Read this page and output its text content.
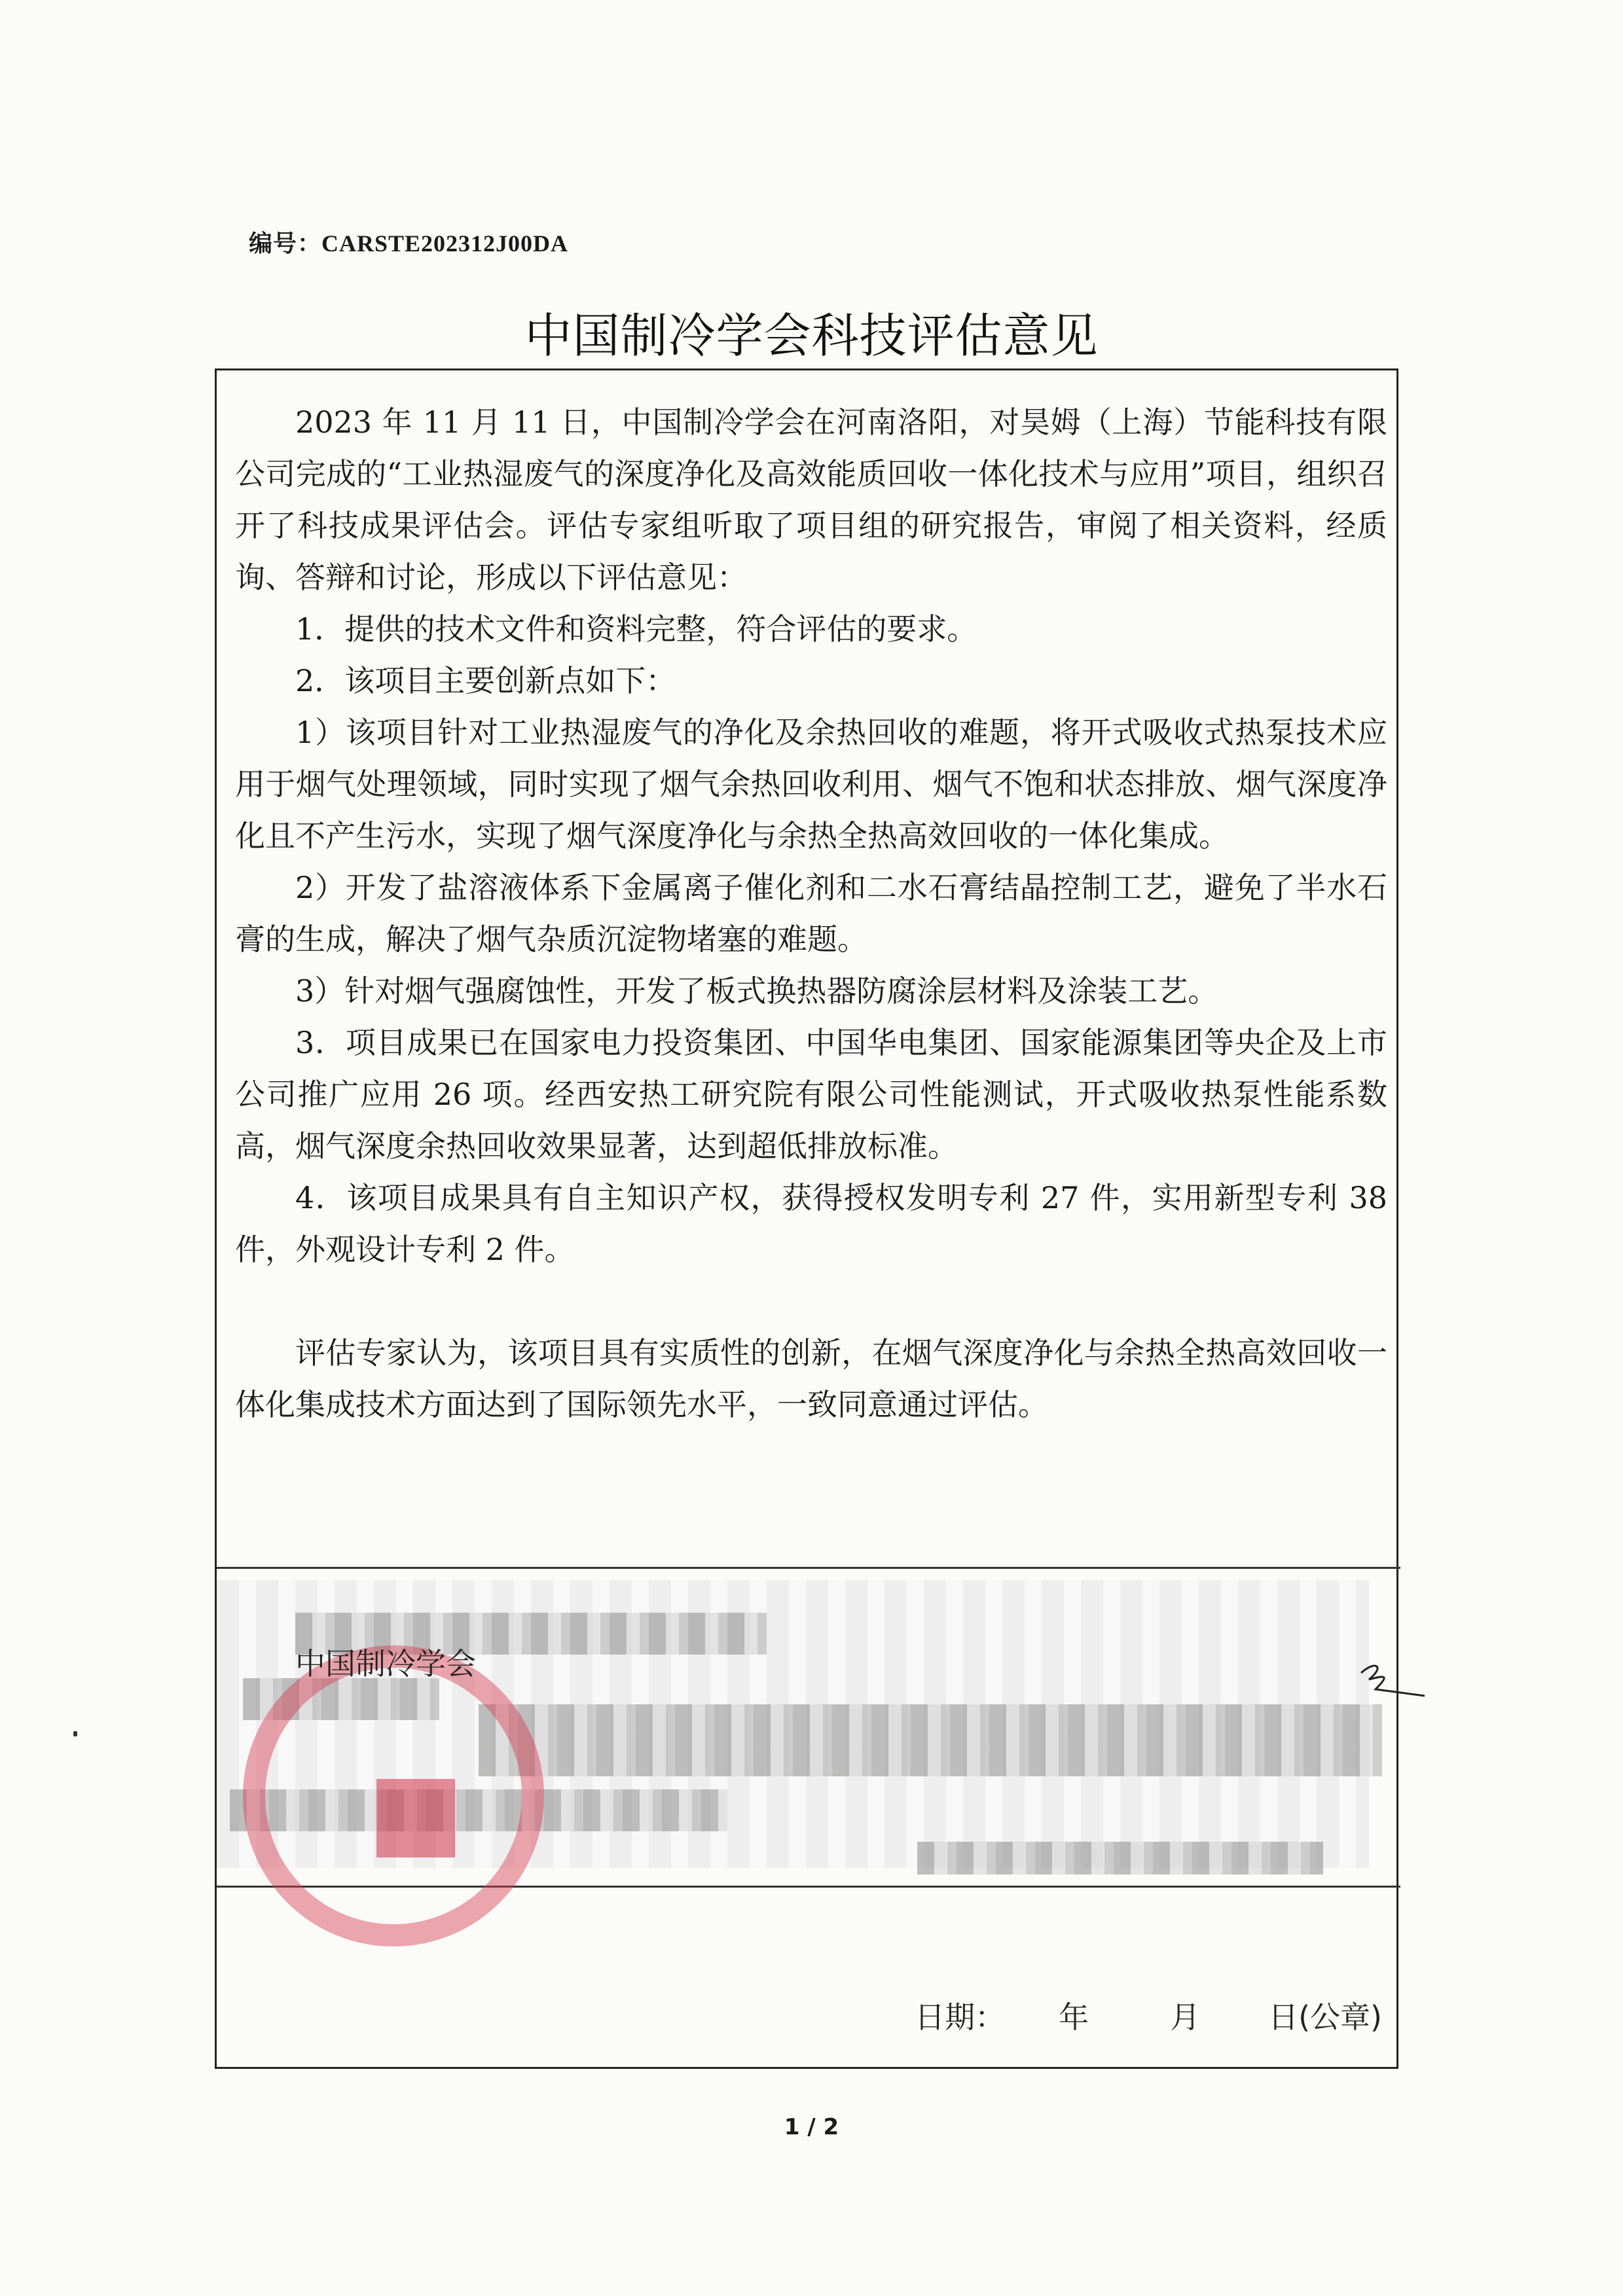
编号：CARSTE202312J00DA
中国制冷学会科技评估意见

2023 年 11 月 11 日，中国制冷学会在河南洛阳，对昊姆（上海）节能科技有限公司完成的“工业热湿废气的深度净化及高效能质回收一体化技术与应用”项目，组织召开了科技成果评估会。评估专家组听取了项目组的研究报告，审阅了相关资料，经质询、答辩和讨论，形成以下评估意见：

1．提供的技术文件和资料完整，符合评估的要求。

2．该项目主要创新点如下：

1）该项目针对工业热湿废气的净化及余热回收的难题，将开式吸收式热泵技术应用于烟气处理领域，同时实现了烟气余热回收利用、烟气不饱和状态排放、烟气深度净化且不产生污水，实现了烟气深度净化与余热全热高效回收的一体化集成。

2）开发了盐溶液体系下金属离子催化剂和二水石膏结晶控制工艺，避免了半水石膏的生成，解决了烟气杂质沉淀物堵塞的难题。

3）针对烟气强腐蚀性，开发了板式换热器防腐涂层材料及涂装工艺。

3．项目成果已在国家电力投资集团、中国华电集团、国家能源集团等央企及上市公司推广应用 26 项。经西安热工研究院有限公司性能测试，开式吸收热泵性能系数高，烟气深度余热回收效果显著，达到超低排放标准。

4．该项目成果具有自主知识产权，获得授权发明专利 27 件，实用新型专利 38 件，外观设计专利 2 件。

评估专家认为，该项目具有实质性的创新，在烟气深度净化与余热全热高效回收一体化集成技术方面达到了国际领先水平，一致同意通过评估。

中国制冷学会
日期：	年	月	日(公章)
1 / 2
